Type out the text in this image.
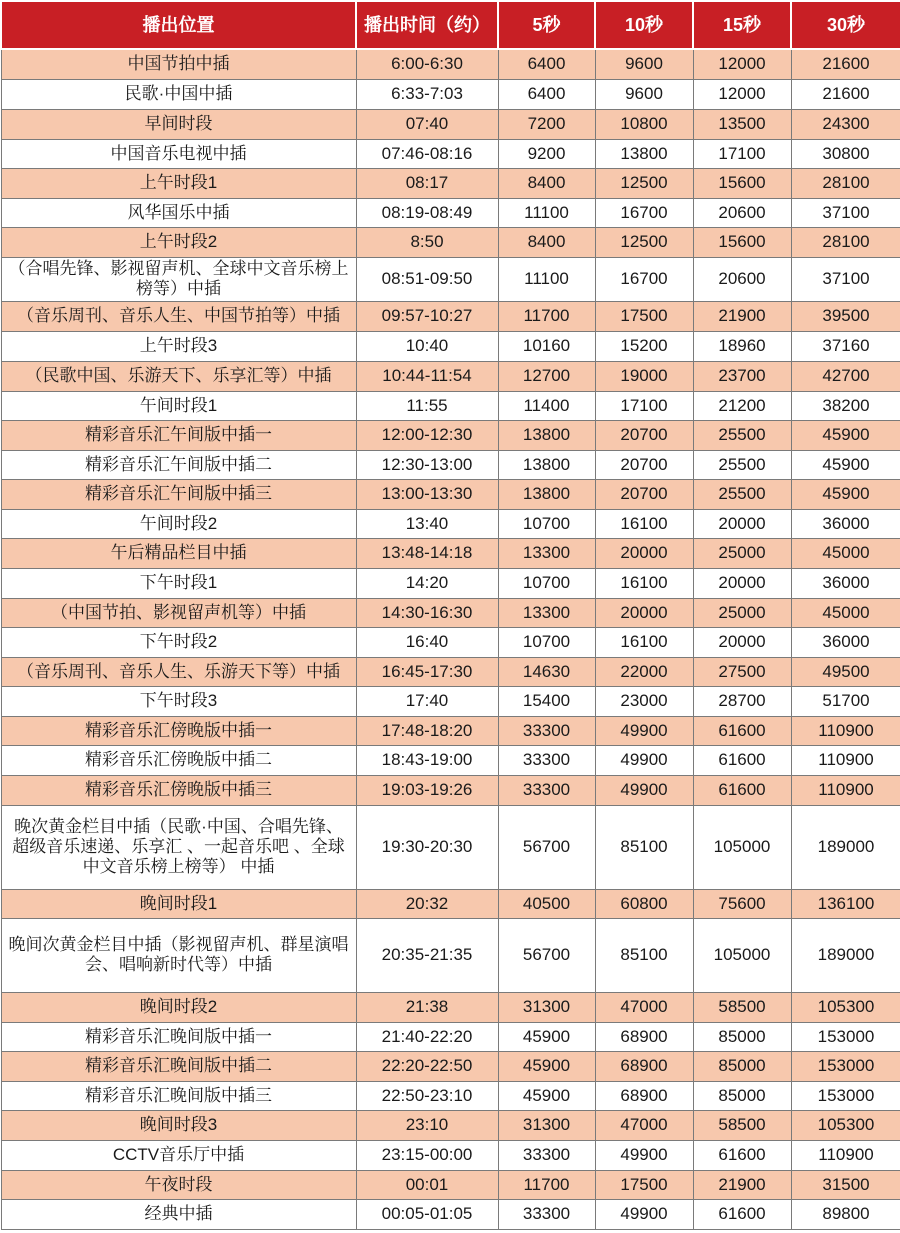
播出位置	播出时间（约）	5秒	10秒	15秒	30秒
中国节拍中插	6:00-6:30	6400	9600	12000	21600
民歌·中国中插	6:33-7:03	6400	9600	12000	21600
早间时段	07:40	7200	10800	13500	24300
中国音乐电视中插	07:46-08:16	9200	13800	17100	30800
上午时段1	08:17	8400	12500	15600	28100
风华国乐中插	08:19-08:49	11100	16700	20600	37100
上午时段2	8:50	8400	12500	15600	28100
（合唱先锋、影视留声机、全球中文音乐榜上榜等）中插	08:51-09:50	11100	16700	20600	37100
（音乐周刊、音乐人生、中国节拍等）中插	09:57-10:27	11700	17500	21900	39500
上午时段3	10:40	10160	15200	18960	37160
（民歌中国、乐游天下、乐享汇等）中插	10:44-11:54	12700	19000	23700	42700
午间时段1	11:55	11400	17100	21200	38200
精彩音乐汇午间版中插一	12:00-12:30	13800	20700	25500	45900
精彩音乐汇午间版中插二	12:30-13:00	13800	20700	25500	45900
精彩音乐汇午间版中插三	13:00-13:30	13800	20700	25500	45900
午间时段2	13:40	10700	16100	20000	36000
午后精品栏目中插	13:48-14:18	13300	20000	25000	45000
下午时段1	14:20	10700	16100	20000	36000
（中国节拍、影视留声机等）中插	14:30-16:30	13300	20000	25000	45000
下午时段2	16:40	10700	16100	20000	36000
（音乐周刊、音乐人生、乐游天下等）中插	16:45-17:30	14630	22000	27500	49500
下午时段3	17:40	15400	23000	28700	51700
精彩音乐汇傍晚版中插一	17:48-18:20	33300	49900	61600	110900
精彩音乐汇傍晚版中插二	18:43-19:00	33300	49900	61600	110900
精彩音乐汇傍晚版中插三	19:03-19:26	33300	49900	61600	110900
晚次黄金栏目中插（民歌·中国、合唱先锋、超级音乐速递、乐享汇 、一起音乐吧 、全球中文音乐榜上榜等） 中插	19:30-20:30	56700	85100	105000	189000
晚间时段1	20:32	40500	60800	75600	136100
晚间次黄金栏目中插（影视留声机、群星演唱会、唱响新时代等）中插	20:35-21:35	56700	85100	105000	189000
晚间时段2	21:38	31300	47000	58500	105300
精彩音乐汇晚间版中插一	21:40-22:20	45900	68900	85000	153000
精彩音乐汇晚间版中插二	22:20-22:50	45900	68900	85000	153000
精彩音乐汇晚间版中插三	22:50-23:10	45900	68900	85000	153000
晚间时段3	23:10	31300	47000	58500	105300
CCTV音乐厅中插	23:15-00:00	33300	49900	61600	110900
午夜时段	00:01	11700	17500	21900	31500
经典中插	00:05-01:05	33300	49900	61600	89800
